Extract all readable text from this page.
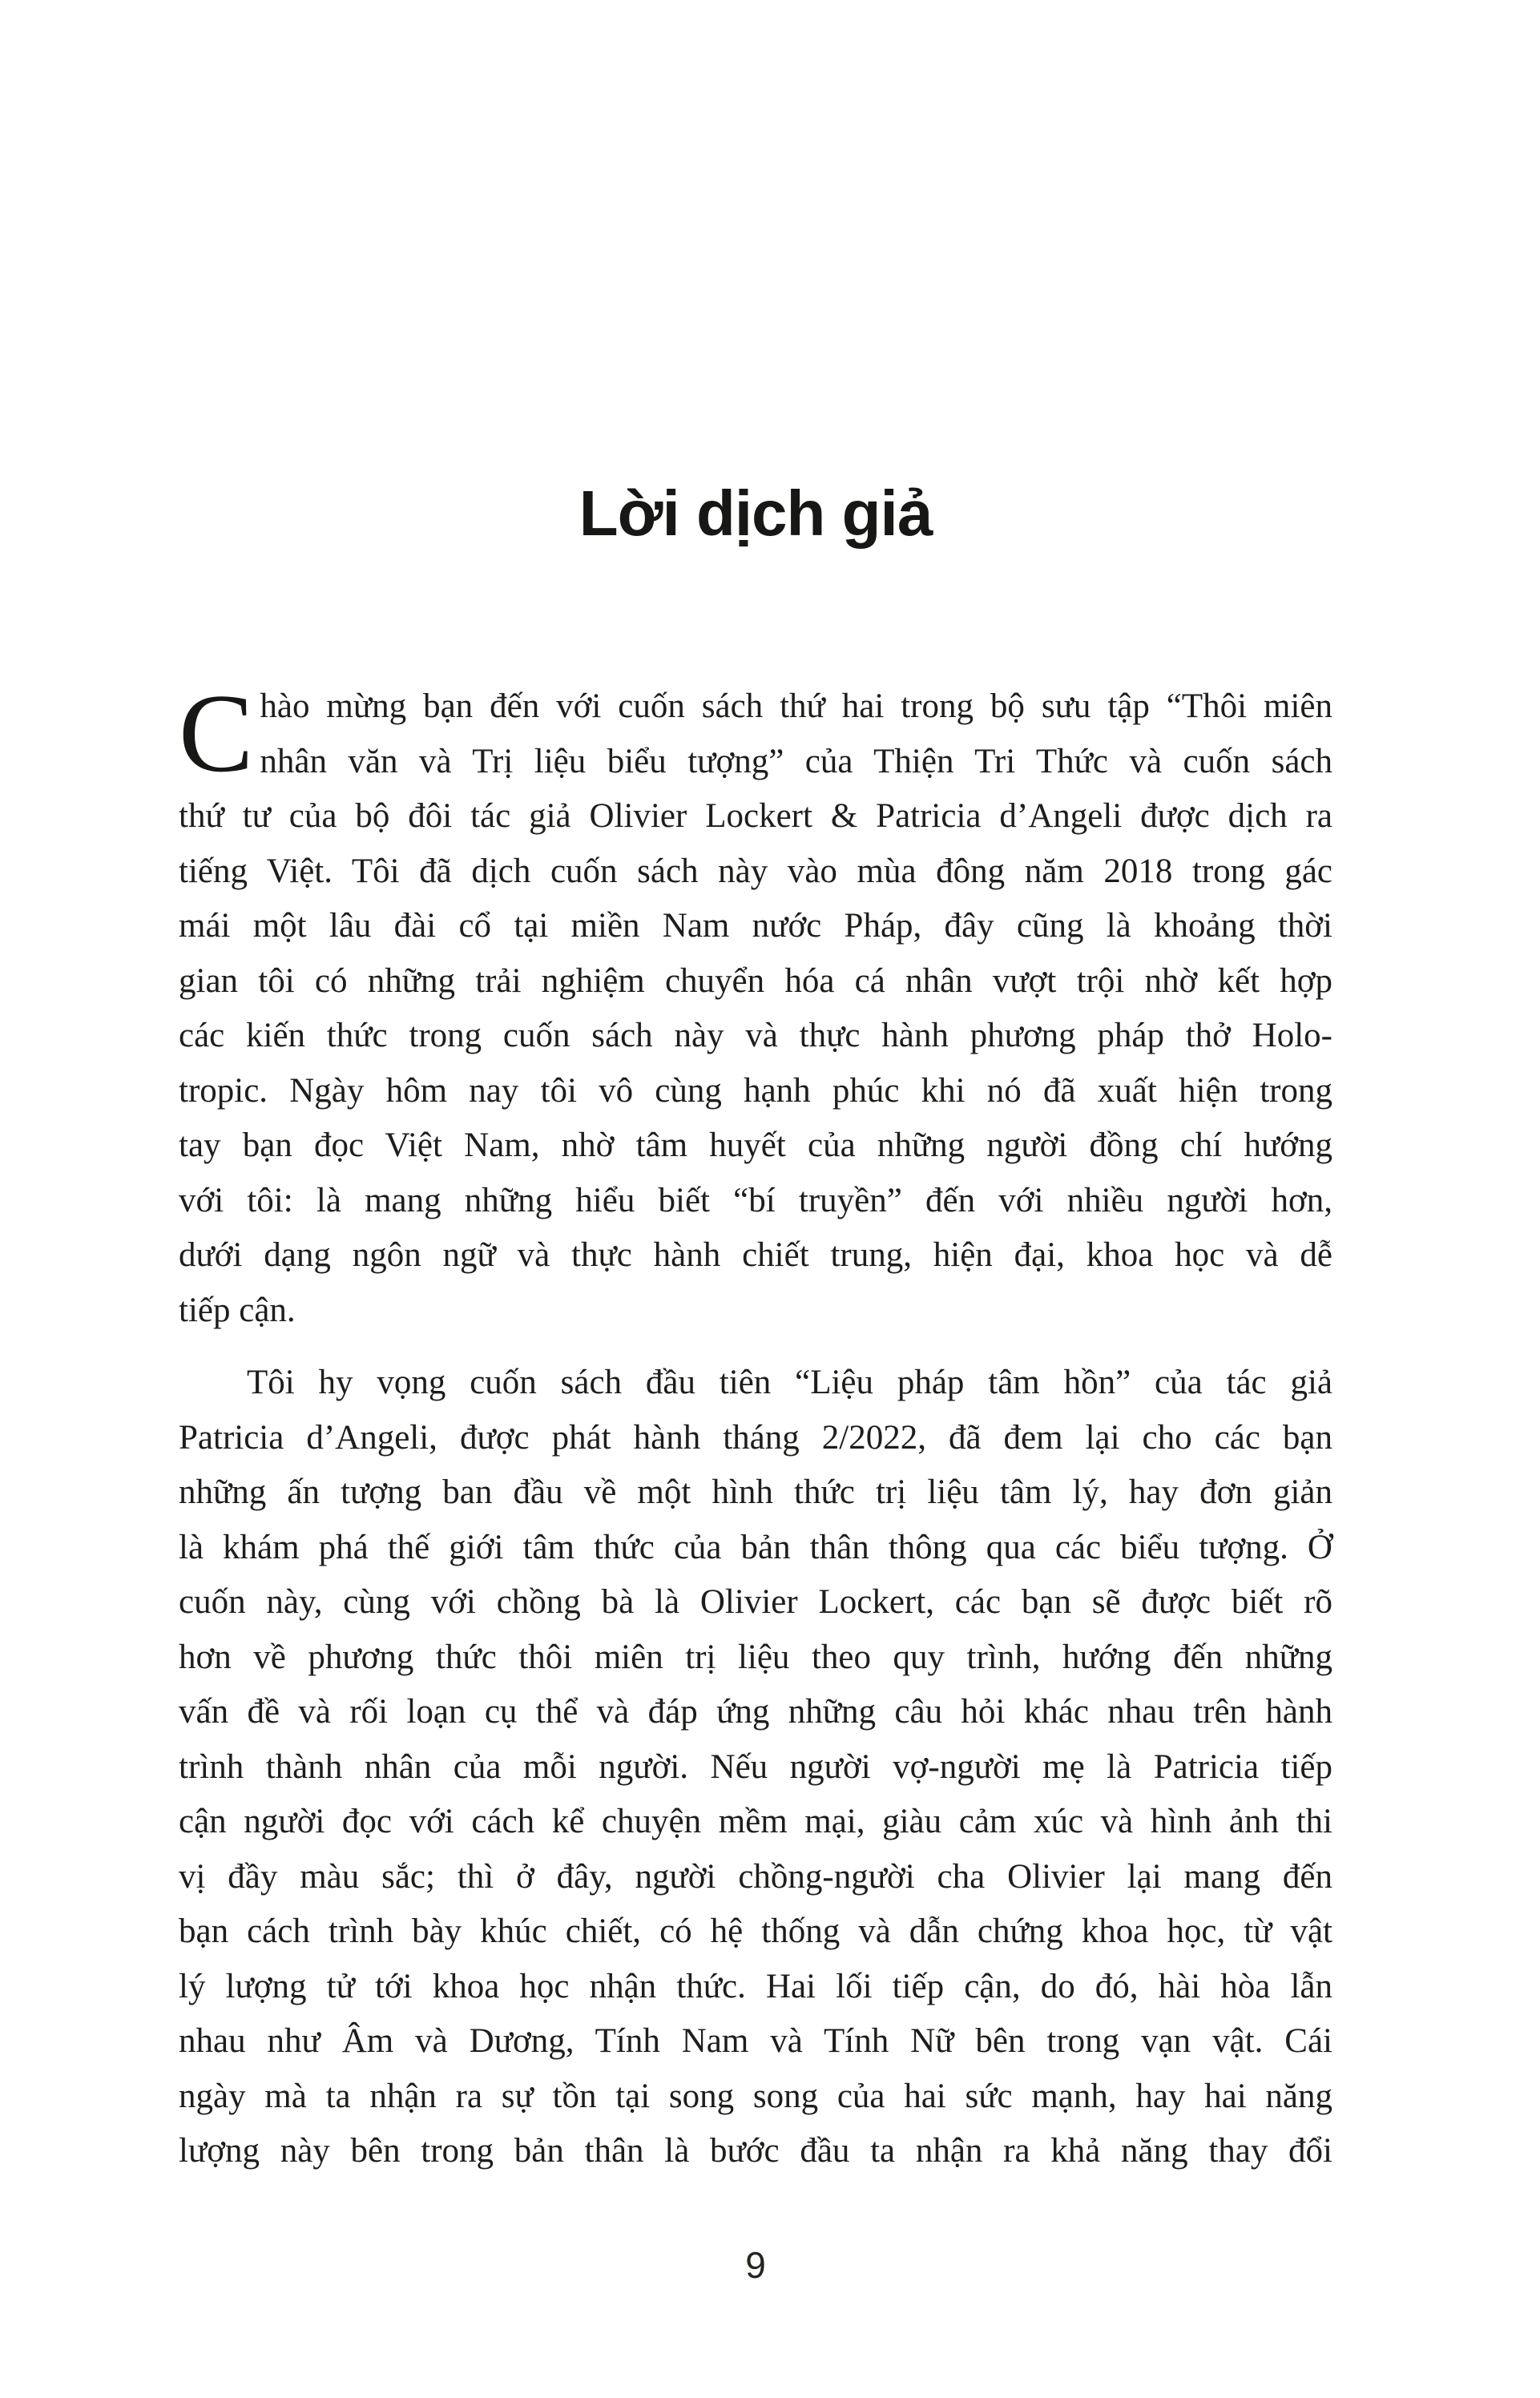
Lời dịch giả
C hào mừng bạn đến với cuốn sách thứ hai trong bộ sưu tập “Thôi miên
nhân văn và Trị liệu biểu tượng” của Thiện Tri Thức và cuốn sách
thứ tư của bộ đôi tác giả Olivier Lockert & Patricia d’Angeli được dịch ra
tiếng Việt. Tôi đã dịch cuốn sách này vào mùa đông năm 2018 trong gác
mái một lâu đài cổ tại miền Nam nước Pháp, đây cũng là khoảng thời
gian tôi có những trải nghiệm chuyển hóa cá nhân vượt trội nhờ kết hợp
các kiến thức trong cuốn sách này và thực hành phương pháp thở Holo-
tropic. Ngày hôm nay tôi vô cùng hạnh phúc khi nó đã xuất hiện trong
tay bạn đọc Việt Nam, nhờ tâm huyết của những người đồng chí hướng
với tôi: là mang những hiểu biết “bí truyền” đến với nhiều người hơn,
dưới dạng ngôn ngữ và thực hành chiết trung, hiện đại, khoa học và dễ
tiếp cận.
Tôi hy vọng cuốn sách đầu tiên “Liệu pháp tâm hồn” của tác giả
Patricia d’Angeli, được phát hành tháng 2/2022, đã đem lại cho các bạn
những ấn tượng ban đầu về một hình thức trị liệu tâm lý, hay đơn giản
là khám phá thế giới tâm thức của bản thân thông qua các biểu tượng. Ở
cuốn này, cùng với chồng bà là Olivier Lockert, các bạn sẽ được biết rõ
hơn về phương thức thôi miên trị liệu theo quy trình, hướng đến những
vấn đề và rối loạn cụ thể và đáp ứng những câu hỏi khác nhau trên hành
trình thành nhân của mỗi người. Nếu người vợ-người mẹ là Patricia tiếp
cận người đọc với cách kể chuyện mềm mại, giàu cảm xúc và hình ảnh thi
vị đầy màu sắc; thì ở đây, người chồng-người cha Olivier lại mang đến
bạn cách trình bày khúc chiết, có hệ thống và dẫn chứng khoa học, từ vật
lý lượng tử tới khoa học nhận thức. Hai lối tiếp cận, do đó, hài hòa lẫn
nhau như Âm và Dương, Tính Nam và Tính Nữ bên trong vạn vật. Cái
ngày mà ta nhận ra sự tồn tại song song của hai sức mạnh, hay hai năng
lượng này bên trong bản thân là bước đầu ta nhận ra khả năng thay đổi
9
